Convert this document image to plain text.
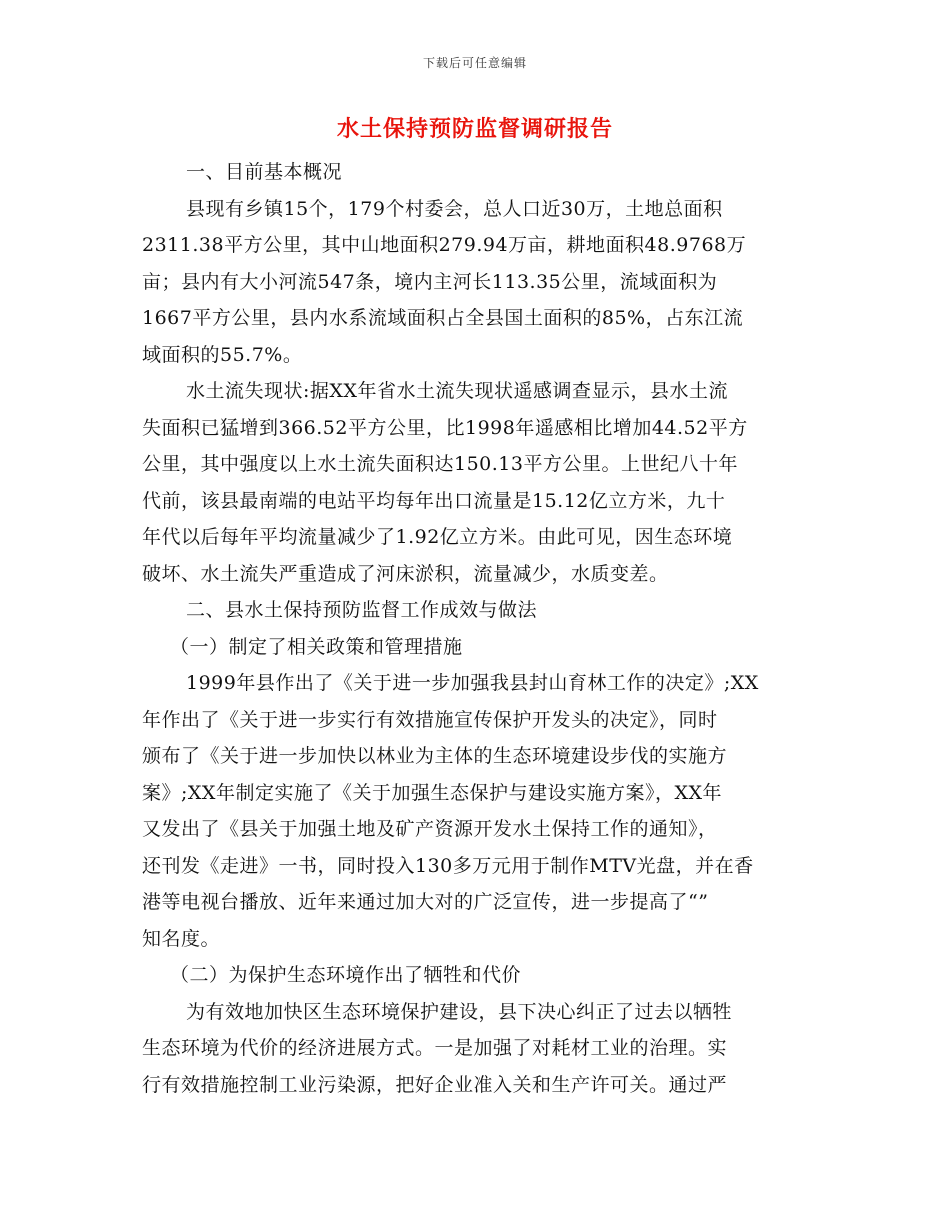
下载后可任意编辑
水土保持预防监督调研报告
一、目前基本概况
县现有乡镇15个，179个村委会，总人口近30万，土地总面积
2311.38平方公里，其中山地面积279.94万亩，耕地面积48.9768万
亩；县内有大小河流547条，境内主河长113.35公里，流域面积为
1667平方公里，县内水系流域面积占全县国土面积的85%，占东江流
域面积的55.7%。
水土流失现状:据XX年省水土流失现状遥感调查显示，县水土流
失面积已猛增到366.52平方公里，比1998年遥感相比增加44.52平方
公里，其中强度以上水土流失面积达150.13平方公里。上世纪八十年
代前，该县最南端的电站平均每年出口流量是15.12亿立方米，九十
年代以后每年平均流量减少了1.92亿立方米。由此可见，因生态环境
破坏、水土流失严重造成了河床淤积，流量减少，水质变差。
二、县水土保持预防监督工作成效与做法
（一）制定了相关政策和管理措施
1999年县作出了《关于进一步加强我县封山育林工作的决定》;XX
年作出了《关于进一步实行有效措施宣传保护开发头的决定》，同时
颁布了《关于进一步加快以林业为主体的生态环境建设步伐的实施方
案》;XX年制定实施了《关于加强生态保护与建设实施方案》，XX年
又发出了《县关于加强土地及矿产资源开发水土保持工作的通知》，
还刊发《走进》一书，同时投入130多万元用于制作MTV光盘，并在香
港等电视台播放、近年来通过加大对的广泛宣传，进一步提高了“”
知名度。
（二）为保护生态环境作出了牺牲和代价
为有效地加快区生态环境保护建设，县下决心纠正了过去以牺牲
生态环境为代价的经济进展方式。一是加强了对耗材工业的治理。实
行有效措施控制工业污染源，把好企业准入关和生产许可关。通过严
